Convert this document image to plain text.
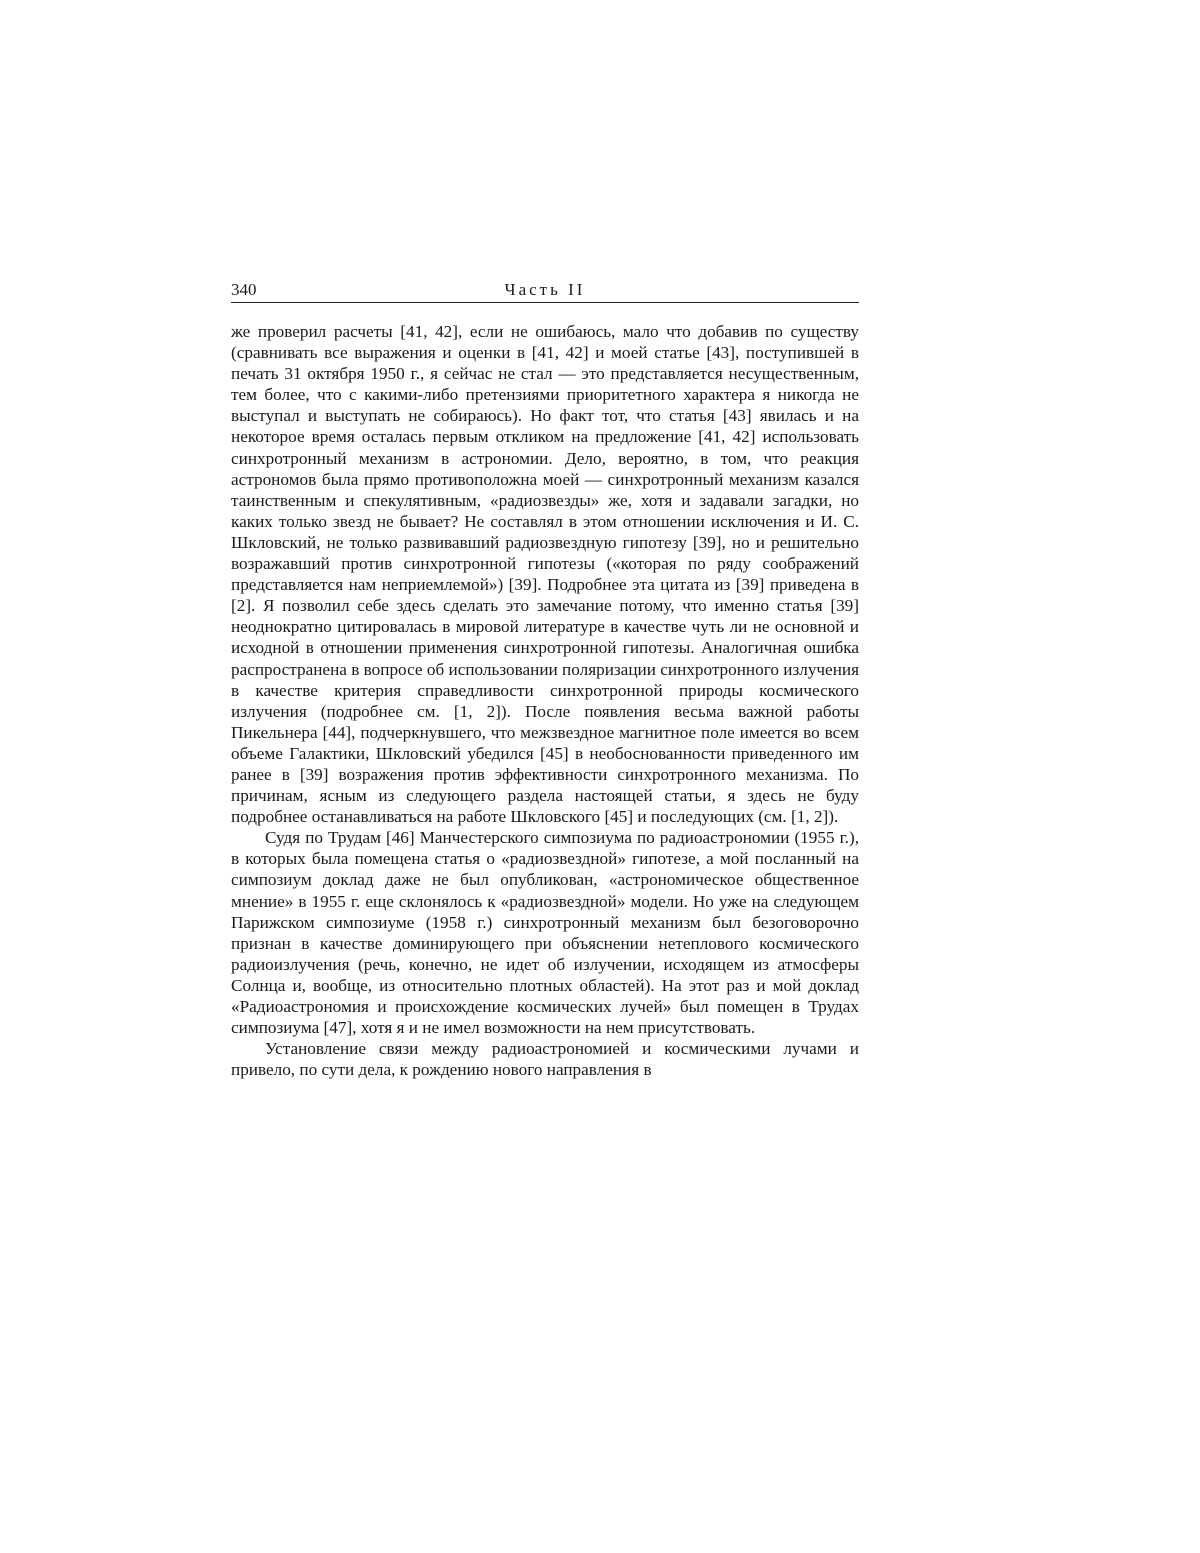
340	Часть II

же проверил расчеты [41, 42], если не ошибаюсь, мало что добавив по существу (сравнивать все выражения и оценки в [41, 42] и моей статье [43], поступившей в печать 31 октября 1950 г., я сейчас не стал — это представляется несущественным, тем более, что с какими-либо претензиями приоритетного характера я никогда не выступал и выступать не собираюсь). Но факт тот, что статья [43] явилась и на некоторое время осталась первым откликом на предложение [41, 42] использовать синхротронный механизм в астрономии. Дело, вероятно, в том, что реакция астрономов была прямо противоположна моей — синхротронный механизм казался таинственным и спекулятивным, «радиозвезды» же, хотя и задавали загадки, но каких только звезд не бывает? Не составлял в этом отношении исключения и И. С. Шкловский, не только развивавший радиозвездную гипотезу [39], но и решительно возражавший против синхротронной гипотезы («которая по ряду соображений представляется нам неприемлемой») [39]. Подробнее эта цитата из [39] приведена в [2]. Я позволил себе здесь сделать это замечание потому, что именно статья [39] неоднократно цитировалась в мировой литературе в качестве чуть ли не основной и исходной в отношении применения синхротронной гипотезы. Аналогичная ошибка распространена в вопросе об использовании поляризации синхротронного излучения в качестве критерия справедливости синхротронной природы космического излучения (подробнее см. [1, 2]). После появления весьма важной работы Пикельнера [44], подчеркнувшего, что межзвездное магнитное поле имеется во всем объеме Галактики, Шкловский убедился [45] в необоснованности приведенного им ранее в [39] возражения против эффективности синхротронного механизма. По причинам, ясным из следующего раздела настоящей статьи, я здесь не буду подробнее останавливаться на работе Шкловского [45] и последующих (см. [1, 2]).

Судя по Трудам [46] Манчестерского симпозиума по радиоастрономии (1955 г.), в которых была помещена статья о «радиозвездной» гипотезе, а мой посланный на симпозиум доклад даже не был опубликован, «астрономическое общественное мнение» в 1955 г. еще склонялось к «радиозвездной» модели. Но уже на следующем Парижском симпозиуме (1958 г.) синхротронный механизм был безоговорочно признан в качестве доминирующего при объяснении нетеплового космического радиоизлучения (речь, конечно, не идет об излучении, исходящем из атмосферы Солнца и, вообще, из относительно плотных областей). На этот раз и мой доклад «Радиоастрономия и происхождение космических лучей» был помещен в Трудах симпозиума [47], хотя я и не имел возможности на нем присутствовать.

Установление связи между радиоастрономией и космическими лучами и привело, по сути дела, к рождению нового направления в
